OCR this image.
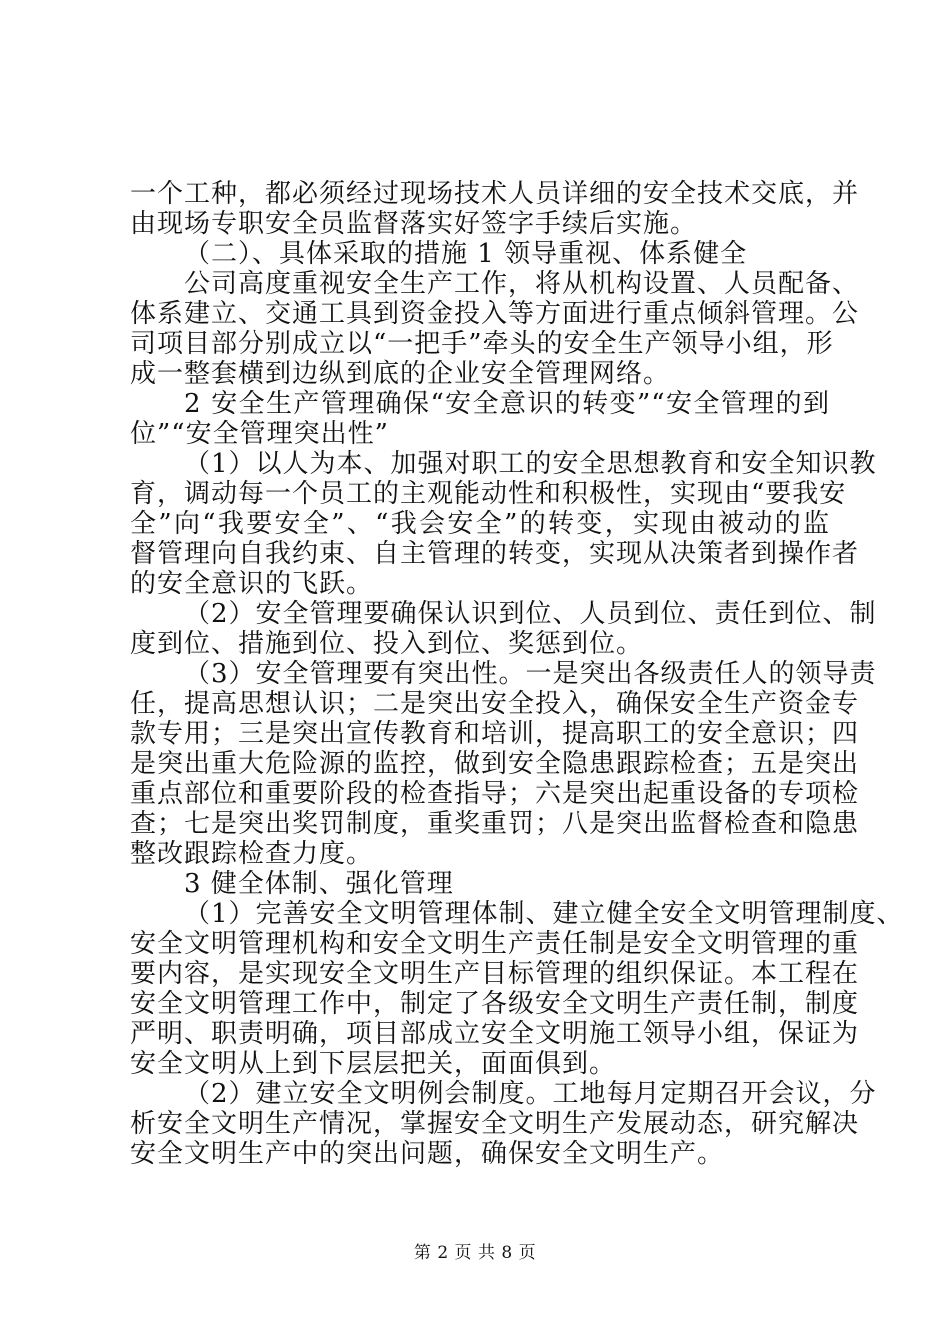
一个工种，都必须经过现场技术人员详细的安全技术交底，并
由现场专职安全员监督落实好签字手续后实施。
（二）、具体采取的措施 1 领导重视、体系健全
公司高度重视安全生产工作，将从机构设置、人员配备、
体系建立、交通工具到资金投入等方面进行重点倾斜管理。公
司项目部分别成立以“一把手”牵头的安全生产领导小组，形
成一整套横到边纵到底的企业安全管理网络。
2 安全生产管理确保“安全意识的转变”“安全管理的到
位”“安全管理突出性”
（1）以人为本、加强对职工的安全思想教育和安全知识教
育，调动每一个员工的主观能动性和积极性，实现由“要我安
全”向“我要安全”、“我会安全”的转变，实现由被动的监
督管理向自我约束、自主管理的转变，实现从决策者到操作者
的安全意识的飞跃。
（2）安全管理要确保认识到位、人员到位、责任到位、制
度到位、措施到位、投入到位、奖惩到位。
（3）安全管理要有突出性。一是突出各级责任人的领导责
任，提高思想认识；二是突出安全投入，确保安全生产资金专
款专用；三是突出宣传教育和培训，提高职工的安全意识；四
是突出重大危险源的监控，做到安全隐患跟踪检查；五是突出
重点部位和重要阶段的检查指导；六是突出起重设备的专项检
查；七是突出奖罚制度，重奖重罚；八是突出监督检查和隐患
整改跟踪检查力度。
3 健全体制、强化管理
（1）完善安全文明管理体制、建立健全安全文明管理制度、
安全文明管理机构和安全文明生产责任制是安全文明管理的重
要内容，是实现安全文明生产目标管理的组织保证。本工程在
安全文明管理工作中，制定了各级安全文明生产责任制，制度
严明、职责明确，项目部成立安全文明施工领导小组，保证为
安全文明从上到下层层把关，面面俱到。
（2）建立安全文明例会制度。工地每月定期召开会议，分
析安全文明生产情况，掌握安全文明生产发展动态，研究解决
安全文明生产中的突出问题，确保安全文明生产。
第 2 页 共 8 页
